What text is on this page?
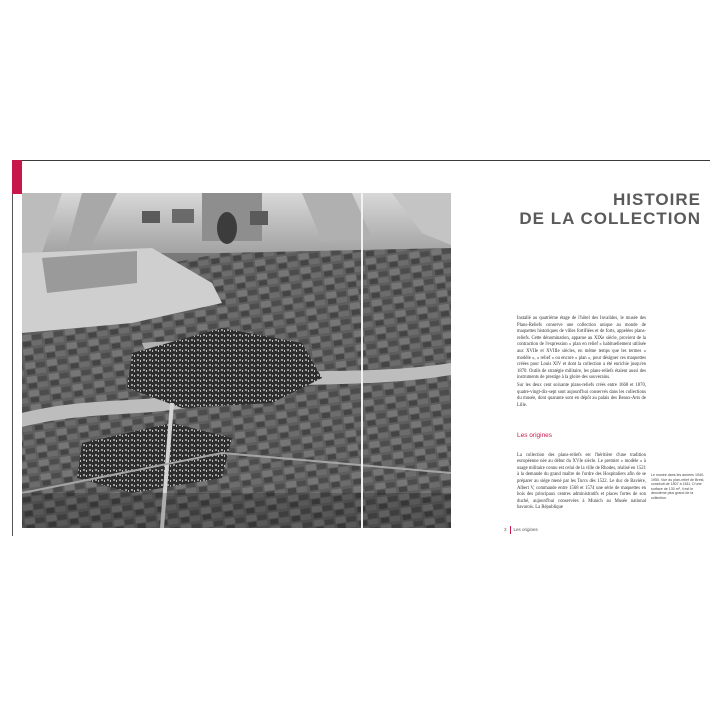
HISTOIRE
DE LA COLLECTION

Installé au quatrième étage de l'hôtel des Invalides, le musée des Plans-Reliefs conserve une collection unique au monde de maquettes historiques de villes fortifiées et de forts, appelées plans-reliefs. Cette dénomination, apparue au XIXe siècle, provient de la contraction de l'expression « plan en relief » habituellement utilisée aux XVIIe et XVIIIe siècles, en même temps que les termes « modèle », « relief » ou encore « plan », pour désigner ces maquettes créées pour Louis XIV et dont la collection a été enrichie jusqu'en 1870. Outils de stratégie militaire, les plans-reliefs étaient aussi des instruments de prestige à la gloire des souverains.

Sur les deux cent soixante plans-reliefs créés entre 1668 et 1870, quatre-vingt-dix-sept sont aujourd'hui conservés dans les collections du musée, dont quarante sont en dépôt au palais des Beaux-Arts de Lille.

Les origines

La collection des plans-reliefs est l'héritière d'une tradition européenne née au début du XVIe siècle. Le premier « modèle » à usage militaire connu est celui de la ville de Rhodes, réalisé en 1521 à la demande du grand maître de l'ordre des Hospitaliers afin de se préparer au siège mené par les Turcs dès 1522. Le duc de Bavière, Albert V, commande entre 1568 et 1574 une série de maquettes en bois des principaux centres administratifs et places fortes de son duché, aujourd'hui conservées à Munich au Musée national bavarois. La République

Le musée dans les années 1940-1950. Vue du plan-relief de Brest, construit de 1807 à 1811. D'une surface de 130 m², il est le deuxième plus grand de la collection.
3 Les origines
